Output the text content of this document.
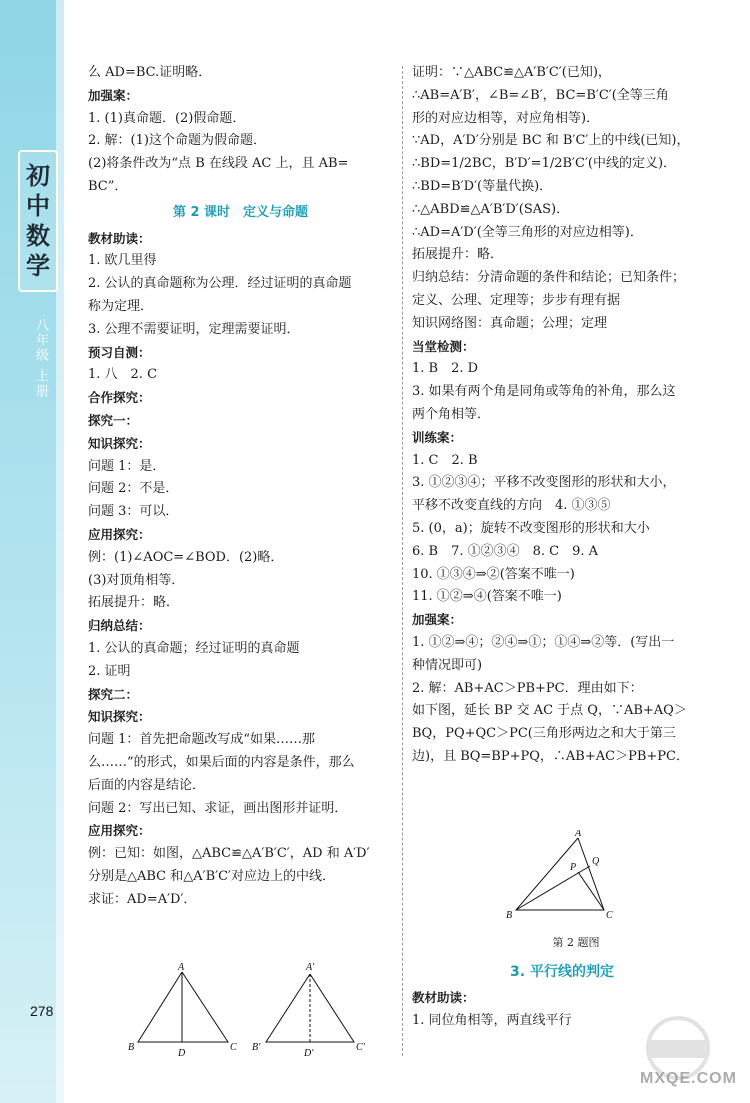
初
中
数
学
八年级 上册
278
么 AD=BC.证明略．
加强案：
1. (1)真命题．(2)假命题．
2. 解：(1)这个命题为假命题．
(2)将条件改为“点 B 在线段 AC 上，且 AB=
BC”．
第 2 课时　定义与命题
教材助读：
1. 欧几里得
2. 公认的真命题称为公理．经过证明的真命题
称为定理．
3. 公理不需要证明，定理需要证明．
预习自测：
1. 八　2. C
合作探究：
探究一：
知识探究：
问题 1：是．
问题 2：不是．
问题 3：可以．
应用探究：
例：(1)∠AOC=∠BOD．(2)略．
(3)对顶角相等．
拓展提升：略．
归纳总结：
1. 公认的真命题；经过证明的真命题
2. 证明
探究二：
知识探究：
问题 1：首先把命题改写成“如果……那
么……”的形式，如果后面的内容是条件，那么
后面的内容是结论．
问题 2：写出已知、求证，画出图形并证明．
应用探究：
例：已知：如图，△ABC≌△A′B′C′，AD 和 A′D′
分别是△ABC 和△A′B′C′对应边上的中线．
求证：AD=A′D′．
证明：∵△ABC≌△A′B′C′(已知)，
∴AB=A′B′，∠B=∠B′，BC=B′C′(全等三角
形的对应边相等，对应角相等)．
∵AD，A′D′分别是 BC 和 B′C′上的中线(已知)，
∴BD=1/2BC，B′D′=1/2B′C′(中线的定义)．
∴BD=B′D′(等量代换)．
∴△ABD≌△A′B′D′(SAS)．
∴AD=A′D′(全等三角形的对应边相等)．
拓展提升：略．
归纳总结：分清命题的条件和结论；已知条件；
定义、公理、定理等；步步有理有据
知识网络图：真命题；公理；定理
当堂检测：
1. B　2. D
3. 如果有两个角是同角或等角的补角，那么这
两个角相等．
训练案：
1. C　2. B
3. ①②③④；平移不改变图形的形状和大小，
平移不改变直线的方向　4. ①③⑤
5. (0，a)；旋转不改变图形的形状和大小
6. B　7. ①②③④　8. C　9. A
10. ①③④⇒②(答案不唯一)
11. ①②⇒④(答案不唯一)
加强案：
1. ①②⇒④；②④⇒①；①④⇒②等．(写出一
种情况即可)
2. 解：AB+AC＞PB+PC．理由如下：
如下图，延长 BP 交 AC 于点 Q，∵AB+AQ＞
BQ，PQ+QC＞PC(三角形两边之和大于第三
边)，且 BQ=BP+PQ，∴AB+AC＞PB+PC．
3. 平行线的判定
教材助读：
1. 同位角相等，两直线平行
A
B	C
D
A′
B′	C′
D′
A
B	C
P
Q
第 2 题图
MXQE.COM
